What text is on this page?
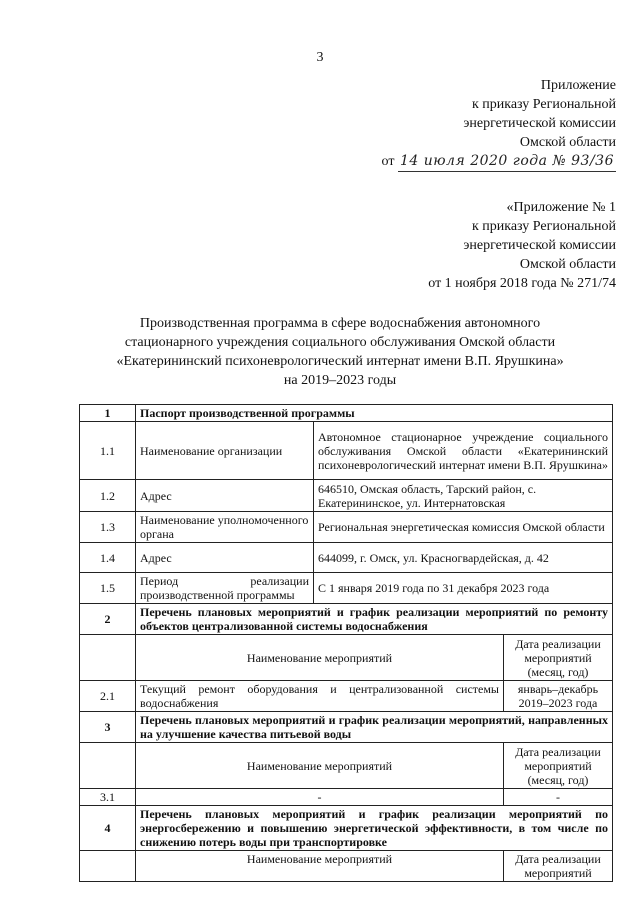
3
Приложение
к приказу Региональной
энергетической комиссии
Омской области
от 14 июля 2020 года № 93/36
«Приложение № 1
к приказу Региональной
энергетической комиссии
Омской области
от 1 ноября 2018 года № 271/74
Производственная программа в сфере водоснабжения автономного
стационарного учреждения социального обслуживания Омской области
«Екатерининский психоневрологический интернат имени В.П. Ярушкина»
на 2019–2023 годы
1	Паспорт производственной программы		
1.1	Наименование организации	Автономное стационарное учреждение социального обслуживания Омской области «Екатерининский психоневрологический интернат имени В.П. Ярушкина»	
1.2	Адрес	646510, Омская область, Тарский район, с. Екатерининское, ул. Интернатовская	
1.3	Наименование уполномоченного органа	Региональная энергетическая комиссия Омской области	
1.4	Адрес	644099, г. Омск, ул. Красногвардейская, д. 42	
1.5	Период реализации производственной программы	С 1 января 2019 года по 31 декабря 2023 года	
2	Перечень плановых мероприятий и график реализации мероприятий по ремонту объектов централизованной системы водоснабжения		
	Наименование мероприятий		Дата реализации мероприятий (месяц, год)
2.1	Текущий ремонт оборудования и централизованной системы водоснабжения		январь–декабрь 2019–2023 года
3	Перечень плановых мероприятий и график реализации мероприятий, направленных на улучшение качества питьевой воды		
	Наименование мероприятий		Дата реализации мероприятий (месяц, год)
3.1	-		-
4	Перечень плановых мероприятий и график реализации мероприятий по энергосбережению и повышению энергетической эффективности, в том числе по снижению потерь воды при транспортировке		
	Наименование мероприятий		Дата реализации мероприятий
